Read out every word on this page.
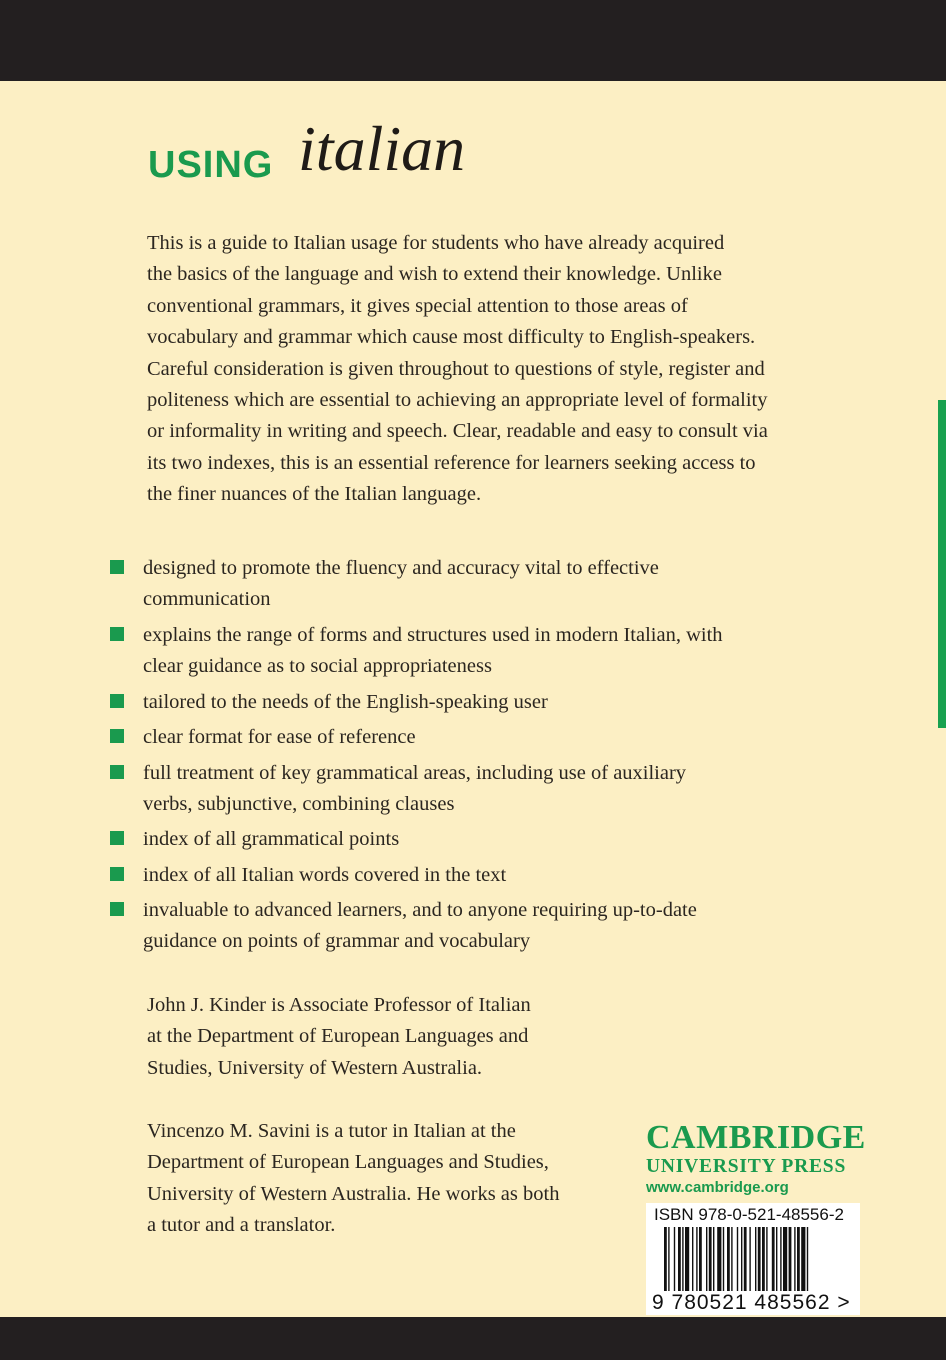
USING italian
This is a guide to Italian usage for students who have already acquired
the basics of the language and wish to extend their knowledge. Unlike
conventional grammars, it gives special attention to those areas of
vocabulary and grammar which cause most difficulty to English-speakers.
Careful consideration is given throughout to questions of style, register and
politeness which are essential to achieving an appropriate level of formality
or informality in writing and speech. Clear, readable and easy to consult via
its two indexes, this is an essential reference for learners seeking access to
the finer nuances of the Italian language.
designed to promote the fluency and accuracy vital to effective
communication
explains the range of forms and structures used in modern Italian, with
clear guidance as to social appropriateness
tailored to the needs of the English-speaking user
clear format for ease of reference
full treatment of key grammatical areas, including use of auxiliary
verbs, subjunctive, combining clauses
index of all grammatical points
index of all Italian words covered in the text
invaluable to advanced learners, and to anyone requiring up-to-date
guidance on points of grammar and vocabulary
John J. Kinder is Associate Professor of Italian
at the Department of European Languages and
Studies, University of Western Australia.
Vincenzo M. Savini is a tutor in Italian at the
Department of European Languages and Studies,
University of Western Australia. He works as both
a tutor and a translator.
CAMBRIDGE
UNIVERSITY PRESS
www.cambridge.org
ISBN 978-0-521-48556-2
9 780521 485562 >
